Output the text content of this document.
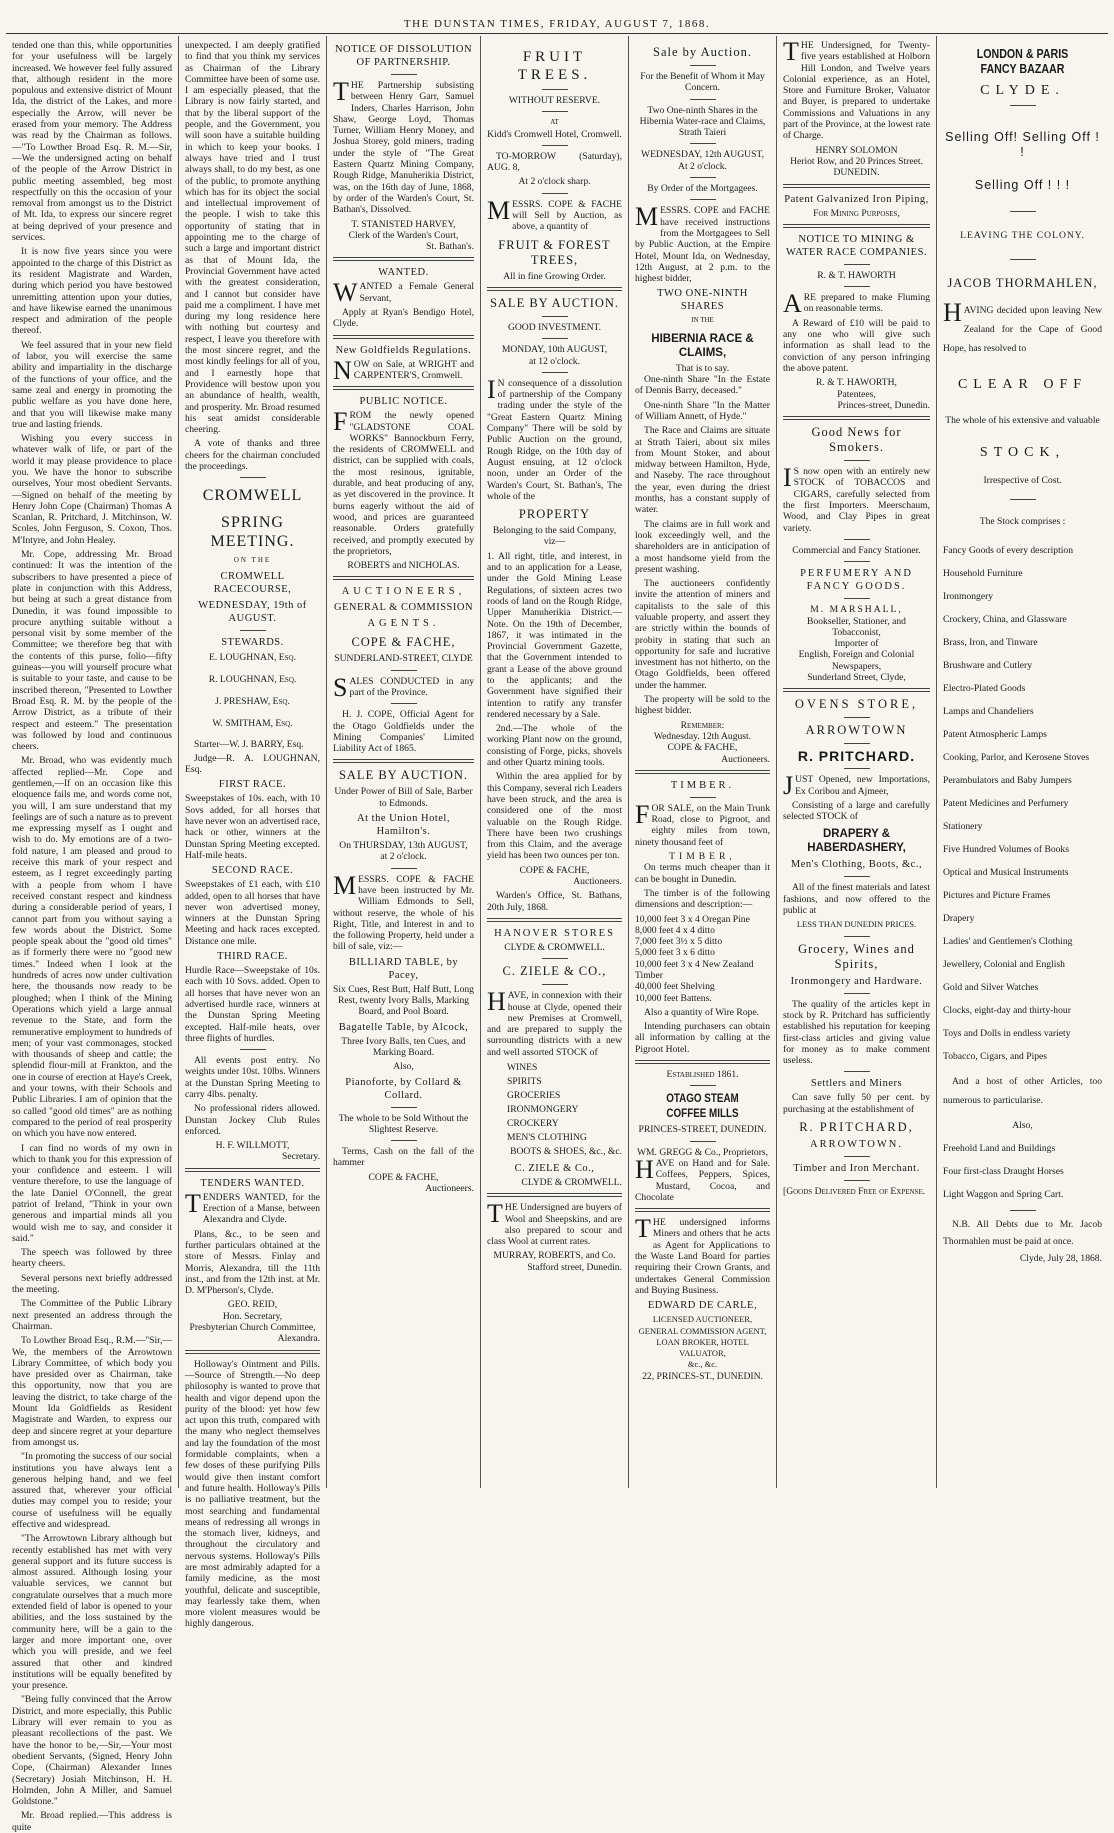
THE DUNSTAN TIMES, FRIDAY, AUGUST 7, 1868.

tended one than this, while opportunities for your usefulness will be largely increased. We however feel fully assured that, although resident in the more populous and extensive district of Mount Ida, the district of the Lakes, and more especially the Arrow, will never be erased from your memory. The Address was read by the Chairman as follows.—"To Lowther Broad Esq. R. M.—Sir,—We the undersigned acting on behalf of the people of the Arrow District in public meeting assembled, beg most respectfully on this the occasion of your removal from amongst us to the District of Mt. Ida, to express our sincere regret at being deprived of your presence and services.

It is now five years since you were appointed to the charge of this District as its resident Magistrate and Warden, during which period you have bestowed unremitting attention upon your duties, and have likewise earned the unanimous respect and admiration of the people thereof.

We feel assured that in your new field of labor, you will exercise the same ability and impartiality in the discharge of the functions of your office, and the same zeal and energy in promoting the public welfare as you have done here, and that you will likewise make many true and lasting friends.

Wishing you every success in whatever walk of life, or part of the world it may please providence to place you. We have the honor to subscribe ourselves, Your most obedient Servants.—Signed on behalf of the meeting by Henry John Cope (Chairman) Thomas A Scanlan, R. Pritchard, J. Mitchinson, W. Scoles, John Ferguson, S. Coxon, Thos. M'Intyre, and John Healey.

Mr. Cope, addressing Mr. Broad continued: It was the intention of the subscribers to have presented a piece of plate in conjunction with this Address, but being at such a great distance from Dunedin, it was found impossible to procure anything suitable without a personal visit by some member of the Committee; we therefore beg that with the contents of this purse, folio—fifty guineas—you will yourself procure what is suitable to your taste, and cause to be inscribed thereon, "Presented to Lowther Broad Esq. R. M. by the people of the Arrow District, as a tribute of their respect and esteem." The presentation was followed by loud and continuous cheers.

Mr. Broad, who was evidently much affected replied—Mr. Cope and gentlemen,—If on an occasion like this eloquence fails me, and words come not, you will, I am sure understand that my feelings are of such a nature as to prevent me expressing myself as I ought and wish to do. My emotions are of a two-fold nature, I am pleased and proud to receive this mark of your respect and esteem, as I regret exceedingly parting with a people from whom I have received constant respect and kindness during a considerable period of years, I cannot part from you without saying a few words about the District. Some people speak about the "good old times" as if formerly there were no "good new times." Indeed when I look at the hundreds of acres now under cultivation here, the thousands now ready to be ploughed; when I think of the Mining Operations which yield a large annual revenue to the State, and form the remunerative employment to hundreds of men; of your vast commonages, stocked with thousands of sheep and cattle; the splendid flour-mill at Frankton, and the one in course of erection at Haye's Creek, and your towns, with their Schools and Public Libraries. I am of opinion that the so called "good old times" are as nothing compared to the period of real prosperity on which you have now entered.

I can find no words of my own in which to thank you for this expression of your confidence and esteem. I will venture therefore, to use the language of the late Daniel O'Connell, the great patriot of Ireland, "Think in your own generous and impartial minds all you would wish me to say, and consider it said."

The speech was followed by three hearty cheers.

Several persons next briefly addressed the meeting.

The Committee of the Public Library next presented an address through the Chairman.

To Lowther Broad Esq., R.M.—"Sir,—We, the members of the Arrowtown Library Committee, of which body you have presided over as Chairman, take this opportunity, now that you are leaving the district, to take charge of the Mount Ida Goldfields as Resident Magistrate and Warden, to express our deep and sincere regret at your departure from amongst us.

"In promoting the success of our social institutions you have always lent a generous helping hand, and we feel assured that, wherever your official duties may compel you to reside; your course of usefulness will be equally effective and widespread.

"The Arrowtown Library although but recently established has met with very general support and its future success is almost assured. Although losing your valuable services, we cannot but congratulate ourselves that a much more extended field of labor is opened to your abilities, and the loss sustained by the community here, will be a gain to the larger and more important one, over which you will preside, and we feel assured that other and kindred institutions will be equally benefited by your presence.

"Being fully convinced that the Arrow District, and more especially, this Public Library will ever remain to you as pleasant recollections of the past. We have the honor to be,—Sir,—Your most obedient Servants, (Signed, Henry John Cope, (Chairman) Alexander Innes (Secretary) Josiah Mitchinson, H. H. Holmden, John A Miller, and Samuel Goldstone."

Mr. Broad replied.—This address is quite

unexpected. I am deeply gratified to find that you think my services as Chairman of the Library Committee have been of some use. I am especially pleased, that the Library is now fairly started, and that by the liberal support of the people, and the Government, you will soon have a suitable building in which to keep your books. I always have tried and I trust always shall, to do my best, as one of the public, to promote anything which has for its object the social and intellectual improvement of the people. I wish to take this opportunity of stating that in appointing me to the charge of such a large and important district as that of Mount Ida, the Provincial Government have acted with the greatest consideration, and I cannot but consider have paid me a compliment. I have met during my long residence here with nothing but courtesy and respect, I leave you therefore with the most sincere regret, and the most kindly feelings for all of you, and I earnestly hope that Providence will bestow upon you an abundance of health, wealth, and prosperity. Mr. Broad resumed his seat amidst considerable cheering.

A vote of thanks and three cheers for the chairman concluded the proceedings.

CROMWELL
SPRING MEETING.
ON THE
CROMWELL RACECOURSE,
WEDNESDAY, 19th of AUGUST.
STEWARDS.
E. LOUGHNAN, Esq.
R. LOUGHNAN, Esq.
J. PRESHAW, Esq.
W. SMITHAM, Esq.

Starter—W. J. BARRY, Esq.

Judge—R. A. LOUGHNAN, Esq.

FIRST RACE.

Sweepstakes of 10s. each, with 10 Sovs added, for all horses that have never won an advertised race, hack or other, winners at the Dunstan Spring Meeting excepted. Half-mile heats.

SECOND RACE.

Sweepstakes of £1 each, with £10 added, open to all horses that have never won advertised money, winners at the Dunstan Spring Meeting and hack races excepted. Distance one mile.

THIRD RACE.

Hurdle Race—Sweepstake of 10s. each with 10 Sovs. added. Open to all horses that have never won an advertised hurdle race, winners at the Dunstan Spring Meeting excepted. Half-mile heats, over three flights of hurdles.

All events post entry. No weights under 10st. 10lbs. Winners at the Dunstan Spring Meeting to carry 4lbs. penalty.

No professional riders allowed. Dunstan Jockey Club Rules enforced.

H. F. WILLMOTT,
Secretary.
TENDERS WANTED.

TENDERS WANTED, for the Erection of a Manse, between Alexandra and Clyde.

Plans, &c., to be seen and further particulars obtained at the store of Messrs. Finlay and Morris, Alexandra, till the 11th inst., and from the 12th inst. at Mr. D. M'Pherson's, Clyde.

GEO. REID,
Hon. Secretary,
Presbyterian Church Committee,
Alexandra.

Holloway's Ointment and Pills.—Source of Strength.—No deep philosophy is wanted to prove that health and vigor depend upon the purity of the blood: yet how few act upon this truth, compared with the many who neglect themselves and lay the foundation of the most formidable complaints, when a few doses of these purifying Pills would give then instant comfort and future health. Holloway's Pills is no palliative treatment, but the most searching and fundamental means of redressing all wrongs in the stomach liver, kidneys, and throughout the circulatory and nervous systems. Holloway's Pills are most admirably adapted for a family medicine, as the most youthful, delicate and susceptible, may fearlessly take them, when more violent measures would be highly dangerous.

NOTICE OF DISSOLUTION OF PARTNERSHIP.

THE Partnership subsisting between Henry Garr, Samuel Inders, Charles Harrison, John Shaw, George Loyd, Thomas Turner, William Henry Money, and Joshua Storey, gold miners, trading under the style of "The Great Eastern Quartz Mining Company, Rough Ridge, Manuherikia District, was, on the 16th day of June, 1868, by order of the Warden's Court, St. Bathan's, Dissolved.

T. STANISTED HARVEY,
Clerk of the Warden's Court,
St. Bathan's.
WANTED.

WANTED a Female General Servant,

Apply at Ryan's Bendigo Hotel, Clyde.

New Goldfields Regulations.

NOW on Sale, at WRIGHT and CARPENTER'S, Cromwell.

PUBLIC NOTICE.

FROM the newly opened "GLADSTONE COAL WORKS" Bannockburn Ferry, the residents of CROMWELL and district, can be supplied with coals, the most resinous, ignitable, durable, and heat producing of any, as yet discovered in the province. It burns eagerly without the aid of wood, and prices are guaranteed reasonable. Orders gratefully received, and promptly executed by the proprietors,

ROBERTS and NICHOLAS.
AUCTIONEERS,
GENERAL & COMMISSION
AGENTS.
COPE & FACHE,
SUNDERLAND-STREET, CLYDE

SALES CONDUCTED in any part of the Province.

H. J. COPE, Official Agent for the Otago Goldfields under the Mining Companies' Limited Liability Act of 1865.

SALE BY AUCTION.

Under Power of Bill of Sale, Barber to Edmonds.

At the Union Hotel, Hamilton's.
On THURSDAY, 13th AUGUST,
at 2 o'clock.

MESSRS. COPE & FACHE have been instructed by Mr. William Edmonds to Sell, without reserve, the whole of his Right, Title, and Interest in and to the following Property, held under a bill of sale, viz:—

BILLIARD TABLE, by Pacey,

Six Cues, Rest Butt, Half Butt, Long Rest, twenty Ivory Balls, Marking Board, and Pool Board.

Bagatelle Table, by Alcock,

Three Ivory Balls, ten Cues, and Marking Board.

Also,
Pianoforte, by Collard & Collard.

The whole to be Sold Without the Slightest Reserve.

Terms, Cash on the fall of the hammer

COPE & FACHE,
Auctioneers.
FRUIT TREES.
WITHOUT RESERVE.
AT
Kidd's Cromwell Hotel, Cromwell.

TO-MORROW (Saturday), AUG. 8,

At 2 o'clock sharp.

MESSRS. COPE & FACHE will Sell by Auction, as above, a quantity of

FRUIT & FOREST TREES,
All in fine Growing Order.
SALE BY AUCTION.
GOOD INVESTMENT.
MONDAY, 10th AUGUST,
at 12 o'clock.

IN consequence of a dissolution of partnership of the Company trading under the style of the "Great Eastern Quartz Mining Company" There will be sold by Public Auction on the ground, Rough Ridge, on the 10th day of August ensuing, at 12 o'clock noon, under an Order of the Warden's Court, St. Bathan's, The whole of the

PROPERTY

Belonging to the said Company, viz—

1. All right, title, and interest, in and to an application for a Lease, under the Gold Mining Lease Regulations, of sixteen acres two roods of land on the Rough Ridge, Upper Manuherikia District.—Note. On the 19th of December, 1867, it was intimated in the Provincial Government Gazette, that the Government intended to grant a Lease of the above ground to the applicants; and the Government have signified their intention to ratify any transfer rendered necessary by a Sale.

2nd.—The whole of the working Plant now on the ground, consisting of Forge, picks, shovels and other Quartz mining tools.

Within the area applied for by this Company, several rich Leaders have been struck, and the area is considered one of the most valuable on the Rough Ridge. There have been two crushings from this Claim, and the average yield has been two ounces per ton.

COPE & FACHE,
Auctioneers.

Warden's Office, St. Bathans, 20th July, 1868.

HANOVER STORES
CLYDE & CROMWELL.
C. ZIELE & CO.,

HAVE, in connexion with their house at Clyde, opened their new Premises at Cromwell, and are prepared to supply the surrounding districts with a new and well assorted STOCK of

WINES
SPIRITS
GROCERIES
IRONMONGERY
CROCKERY
MEN'S CLOTHING
BOOTS & SHOES, &c., &c.
C. ZIELE & Co.,
CLYDE & CROMWELL.

THE Undersigned are buyers of Wool and Sheepskins, and are also prepared to scour and class Wool at current rates.

MURRAY, ROBERTS, and Co.
Stafford street, Dunedin.
Sale by Auction.

For the Benefit of Whom it May Concern.

Two One-ninth Shares in the Hibernia Water-race and Claims, Strath Taieri

WEDNESDAY, 12th AUGUST,
At 2 o'clock.
By Order of the Mortgagees.

MESSRS. COPE and FACHE have received instructions from the Mortgagees to Sell by Public Auction, at the Empire Hotel, Mount Ida, on Wednesday, 12th August, at 2 p.m. to the highest bidder,

TWO ONE-NINTH SHARES
IN THE
HIBERNIA RACE & CLAIMS,
That is to say.

One-ninth Share "In the Estate of Dennis Barry, deceased."

One-ninth Share "In the Matter of William Annett, of Hyde."

The Race and Claims are situate at Strath Taieri, about six miles from Mount Stoker, and about midway between Hamilton, Hyde, and Naseby. The race throughout the year, even during the driest months, has a constant supply of water.

The claims are in full work and look exceedingly well, and the shareholders are in anticipation of a most handsome yield from the present washing.

The auctioneers confidently invite the attention of miners and capitalists to the sale of this valuable property, and assert they are strictly within the bounds of probity in stating that such an opportunity for safe and lucrative investment has not hitherto, on the Otago Goldfields, been offered under the hammer.

The property will be sold to the highest bidder.

Remember:
Wednesday. 12th August.
COPE & FACHE,
Auctioneers.
TIMBER.

FOR SALE, on the Main Trunk Road, close to Pigroot, and eighty miles from town, ninety thousand feet of

TIMBER,

On terms much cheaper than it can be bought in Dunedin.

The timber is of the following dimensions and description:—

10,000 feet 3 x 4 Oregan Pine
8,000 feet 4 x 4 ditto
7,000 feet 3½ x 5 ditto
5,000 feet 3 x 6 ditto
10,000 feet 3 x 4 New Zealand Timber
40,000 feet Shelving
10,000 feet Battens.

Also a quantity of Wire Rope.

Intending purchasers can obtain all information by calling at the Pigroot Hotel.

Established 1861.
OTAGO STEAM COFFEE MILLS
PRINCES-STREET, DUNEDIN.
WM. GREGG & Co., Proprietors,

HAVE on Hand and for Sale. Coffees, Peppers, Spices, Mustard, Cocoa, and Chocolate

THE undersigned informs Miners and others that he acts as Agent for Applications to the Waste Land Board for parties requiring their Crown Grants, and undertakes General Commission and Buying Business.

EDWARD DE CARLE,
LICENSED AUCTIONEER,
GENERAL COMMISSION AGENT,
LOAN BROKER, HOTEL VALUATOR,
&c., &c.
22, PRINCES-ST., DUNEDIN.

THE Undersigned, for Twenty-five years established at Holborn Hill London, and Twelve years Colonial experience, as an Hotel, Store and Furniture Broker, Valuator and Buyer, is prepared to undertake Commissions and Valuations in any part of the Province, at the lowest rate of Charge.

HENRY SOLOMON
Heriot Row, and 20 Princes Street.
DUNEDIN.
Patent Galvanized Iron Piping,
For Mining Purposes,
NOTICE TO MINING & WATER RACE COMPANIES.
R. & T. HAWORTH

ARE prepared to make Fluming on reasonable terms.

A Reward of £10 will be paid to any one who will give such information as shall lead to the conviction of any person infringing the above patent.

R. & T. HAWORTH,
Patentees,
Princes-street, Dunedin.
Good News for Smokers.

IS now open with an entirely new STOCK of TOBACCOS and CIGARS, carefully selected from the first Importers. Meerschaum, Wood, and Clay Pipes in great variety.

Commercial and Fancy Stationer.
PERFUMERY AND FANCY GOODS.
M. MARSHALL,
Bookseller, Stationer, and Tobacconist,
Importer of
English, Foreign and Colonial Newspapers,
Sunderland Street, Clyde,
OVENS STORE,
ARROWTOWN
R. PRITCHARD.

JUST Opened, new Importations, Ex Coribou and Ajmeer,

Consisting of a large and carefully selected STOCK of

DRAPERY & HABERDASHERY,
Men's Clothing, Boots, &c.,

All of the finest materials and latest fashions, and now offered to the public at

LESS THAN DUNEDIN PRICES.
Grocery, Wines and Spirits,
Ironmongery and Hardware.

The quality of the articles kept in stock by R. Pritchard has sufficiently established his reputation for keeping first-class articles and giving value for money as to make comment useless.

Settlers and Miners

Can save fully 50 per cent. by purchasing at the establishment of

R. PRITCHARD,
ARROWTOWN.
Timber and Iron Merchant.
[Goods Delivered Free of Expense.
LONDON & PARIS FANCY BAZAAR
CLYDE.
Selling Off! Selling Off ! !
Selling Off ! ! !
LEAVING THE COLONY.
JACOB THORMAHLEN,

HAVING decided upon leaving New Zealand for the Cape of Good Hope, has resolved to

CLEAR OFF

The whole of his extensive and valuable

STOCK,
Irrespective of Cost.
The Stock comprises :
Fancy Goods of every description
Household Furniture
Ironmongery
Crockery, China, and Glassware
Brass, Iron, and Tinware
Brushware and Cutlery
Electro-Plated Goods
Lamps and Chandeliers
Patent Atmospheric Lamps
Cooking, Parlor, and Kerosene Stoves
Perambulators and Baby Jumpers
Patent Medicines and Perfumery
Stationery
Five Hundred Volumes of Books
Optical and Musical Instruments
Pictures and Picture Frames
Drapery
Ladies' and Gentlemen's Clothing
Jewellery, Colonial and English
Gold and Silver Watches
Clocks, eight-day and thirty-hour
Toys and Dolls in endless variety
Tobacco, Cigars, and Pipes

And a host of other Articles, too numerous to particularise.

Also,
Freehold Land and Buildings
Four first-class Draught Horses
Light Waggon and Spring Cart.

N.B. All Debts due to Mr. Jacob Thormahlen must be paid at once.

Clyde, July 28, 1868.
